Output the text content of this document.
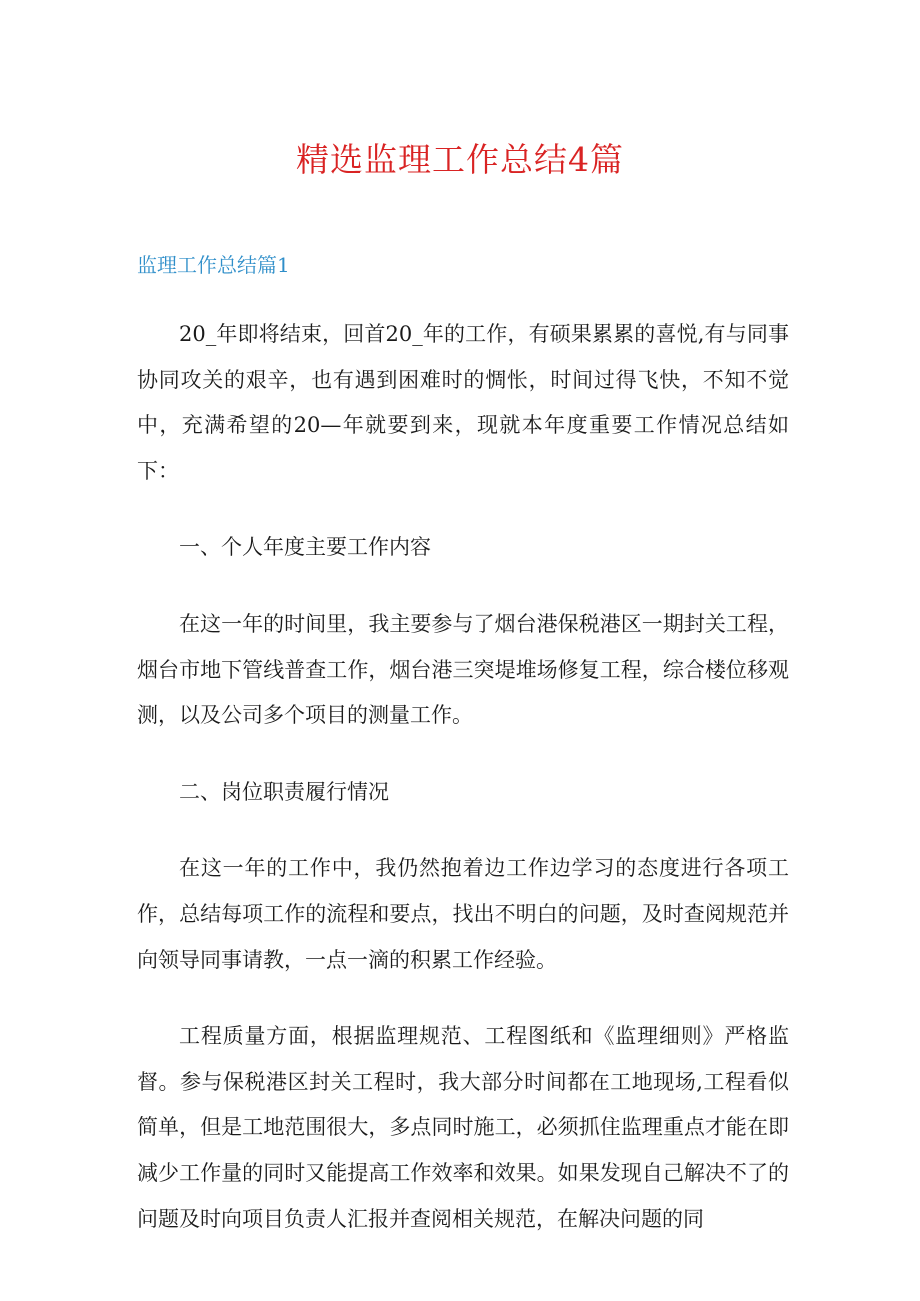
精选监理工作总结4篇
监理工作总结篇1

20_年即将结束，回首20_年的工作，有硕果累累的喜悦,有与同事协同攻关的艰辛，也有遇到困难时的惆怅，时间过得飞快，不知不觉中，充满希望的20—年就要到来，现就本年度重要工作情况总结如下：

一、个人年度主要工作内容

在这一年的时间里，我主要参与了烟台港保税港区一期封关工程，烟台市地下管线普查工作，烟台港三突堤堆场修复工程，综合楼位移观测，以及公司多个项目的测量工作。

二、岗位职责履行情况

在这一年的工作中，我仍然抱着边工作边学习的态度进行各项工作，总结每项工作的流程和要点，找出不明白的问题，及时查阅规范并向领导同事请教，一点一滴的积累工作经验。

工程质量方面，根据监理规范、工程图纸和《监理细则》严格监督。参与保税港区封关工程时，我大部分时间都在工地现场,工程看似简单，但是工地范围很大，多点同时施工，必须抓住监理重点才能在即减少工作量的同时又能提高工作效率和效果。如果发现自己解决不了的问题及时向项目负责人汇报并查阅相关规范，在解决问题的同
